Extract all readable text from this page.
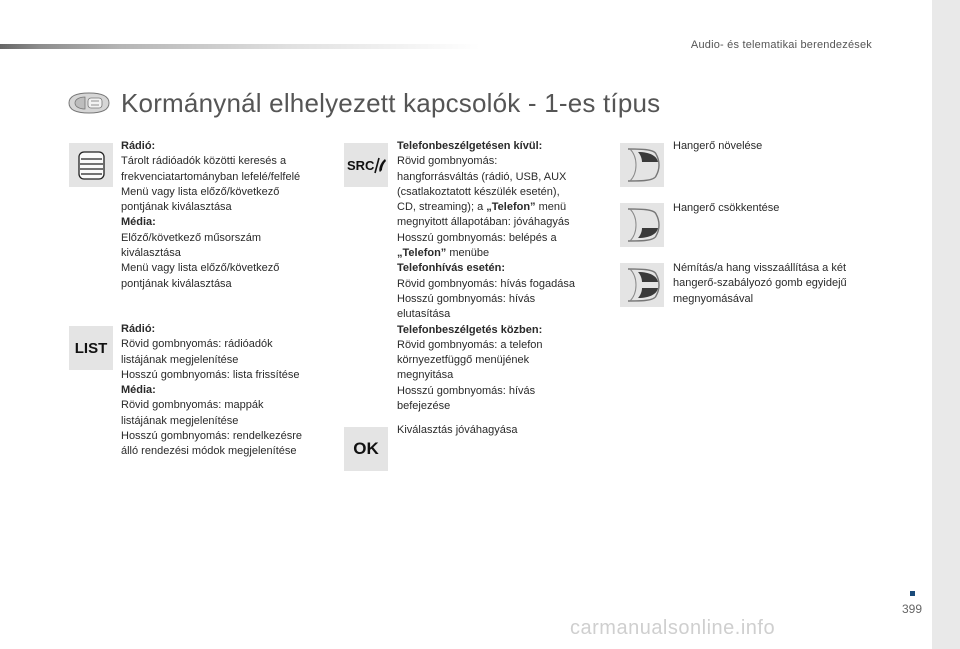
Audio- és telematikai berendezések
Kormánynál elhelyezett kapcsolók - 1-es típus
LIST
SRC
OK
Rádió:
Tárolt rádióadók közötti keresés a
frekvenciatartományban lefelé/felfelé
Menü vagy lista előző/következő
pontjának kiválasztása
Média:
Előző/következő műsorszám
kiválasztása
Menü vagy lista előző/következő
pontjának kiválasztása
Rádió:
Rövid gombnyomás: rádióadók
listájának megjelenítése
Hosszú gombnyomás: lista frissítése
Média:
Rövid gombnyomás: mappák
listájának megjelenítése
Hosszú gombnyomás: rendelkezésre
álló rendezési módok megjelenítése
Telefonbeszélgetésen kívül:
Rövid gombnyomás:
hangforrásváltás (rádió, USB, AUX
(csatlakoztatott készülék esetén),
CD, streaming); a „Telefon” menü
megnyitott állapotában: jóváhagyás
Hosszú gombnyomás: belépés a
„Telefon” menübe
Telefonhívás esetén:
Rövid gombnyomás: hívás fogadása
Hosszú gombnyomás: hívás
elutasítása
Telefonbeszélgetés közben:
Rövid gombnyomás: a telefon
környezetfüggő menüjének
megnyitása
Hosszú gombnyomás: hívás
befejezése
Kiválasztás jóváhagyása
Hangerő növelése
Hangerő csökkentése
Némítás/a hang visszaállítása a két
hangerő-szabályozó gomb egyidejű
megnyomásával
399
carmanualsonline.info
